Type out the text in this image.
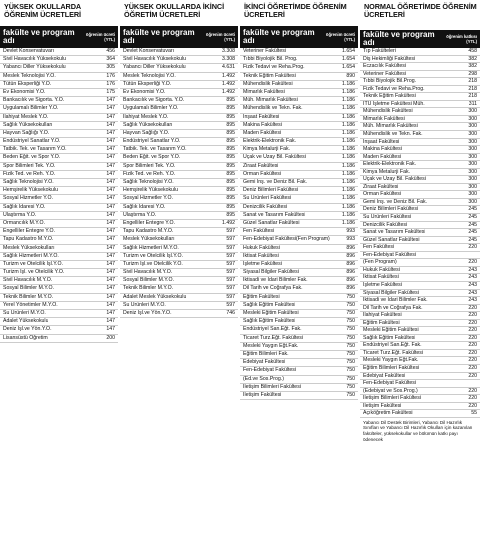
YÜKSEK OKULLARDA ÖĞRENİM ÜCRETLERİ
fakülte ve program adı
öğrenim ücreti (YTL)
Devlet Konservatuvarı	456
Sivil Havacılık Yüksekokulu	364
Yabancı Diller Yüksekokulu	305
Meslek Teknolojisi Y.O.	176
Tütün Eksperliği Y.O.	176
Ev Ekonomisi Y.O.	175
Bankacılık ve Sigorta. Y.O.	147
Uygulamalı Bilimler Y.O.	147
İlahiyat Meslek Y.O.	147
Sağlık Yüksekokulları	147
Hayvan Sağlığı Y.O.	147
Endüstriyel Sanatlar Y.O.	147
Tatbik. Tek. ve Tasarım Y.O.	147
Beden Eğit. ve Spor Y.O.	147
Spor Bilimleri Tek. Y.O.	147
Fizik Ted. ve Reh. Y.O.	147
Sağlık Teknolojisi Y.O.	147
Hemşirelik Yüksekokulu	147
Sosyal Hizmetler Y.O.	147
Sağlık İdaresi Y.O.	147
Ulaştırma Y.O.	147
Ormancılık M.Y.O.	147
Engelliler Entegre Y.O.	147
Tapu Kadastro M.Y.O.	147
Meslek Yüksekokulları	147
Sağlık Hizmetleri M.Y.O.	147
Turizm ve Otelcilik İşl.Y.O.	147
Turizm İşl. ve Otelcilik Y.O.	147
Sivil Havacılık M.Y.O.	147
Sosyal Bilimler M.Y.O.	147
Teknik Bilimler M.Y.O.	147
Yerel Yönetimler M.Y.O.	147
Su Ürünleri M.Y.O.	147
Adalet Yüksekokulu	147
Deniz İşl.ve Yön.Y.O.	147
Lisansüstü Öğretim	200
YÜKSEK OKULLARDA İKİNCİ ÖĞRETİM ÜCRETLERİ
fakülte ve program adı
öğrenim ücreti (YTL)
Devlet Konservatuvarı	3.308
Sivil Havacılık Yüksekokulu	3.308
Yabancı Diller Yüksekokulu	4.631
Meslek Teknolojisi Y.O.	1.492
Tütün Eksperliği Y.O.	1.492
Ev Ekonomisi Y.O.	1.492
Bankacılık ve Sigorta. Y.O.	895
Uygulamalı Bilimler Y.O.	895
İlahiyat Meslek Y.O.	895
Sağlık Yüksekokulları	895
Hayvan Sağlığı Y.O.	895
Endüstriyel Sanatlar Y.O.	895
Tatbik. Tek. ve Tasarım Y.O.	895
Beden Eğit. ve Spor Y.O.	895
Spor Bilimleri Tek. Y.O.	895
Fizik Ted. ve Reh. Y.O.	895
Sağlık Teknolojisi Y.O.	895
Hemşirelik Yüksekokulu	895
Sosyal Hizmetler Y.O.	895
Sağlık İdaresi Y.O.	895
Ulaştırma Y.O.	895
Engelliler Entegre Y.O.	1.492
Tapu Kadastro M.Y.O.	597
Meslek Yüksekokulları	597
Sağlık Hizmetleri M.Y.O.	597
Turizm ve Otelcilik İşl.Y.O.	597
Turizm İşl.ve Otelcilik Y.O.	597
Sivil Havacılık M.Y.O.	597
Sosyal Bilimler M.Y.O.	597
Teknik Bilimler M.Y.O.	597
Adalet Meslek Yüksekokulu	597
Su Ürünleri M.Y.O.	597
Deniz İşl.ve Yön.Y.O.	746
İKİNCİ ÖĞRETİMDE ÖĞRENİM ÜCRETLERİ
fakülte ve program adı
öğrenim ücreti (YTL)
Veteriner Fakültesi	1.654
Tıbbi Biyolojik Bil. Prog.	1.654
Fizik Tedavi ve Reha.Prog.	1.654
Teknik Eğitim Fakültesi	890
Mühendislik Fakültesi	1.186
Mimarlık Fakültesi	1.186
Müh. Mimarlık Fakültesi	1.186
Mühendislik ve Tekn. Fak.	1.186
İnşaat Fakültesi	1.186
Makina Fakültesi	1.186
Maden Fakültesi	1.186
Elektrik-Elektronik Fak.	1.186
Kimya Metalurji Fak.	1.186
Uçak ve Uzay Bil. Fakültesi	1.186
Ziraat Fakültesi	1.186
Orman Fakültesi	1.186
Gemi İnş. ve Deniz Bil. Fak.	1.186
Deniz Bilimleri Fakültesi	1.186
Su Ürünleri Fakültesi	1.186
Denizcilik Fakültesi	1.186
Sanat ve Tasarım Fakültesi	1.186
Güzel Sanatlar Fakültesi	1.186
Fen Fakültesi	993
Fen-Edebiyat Fakültesi(Fen Program)	993
Hukuk Fakültesi	896
İktisat Fakültesi	896
İşletme Fakültesi	896
Siyasal Bilgiler Fakültesi	896
İktisadi ve İdari Bilimler Fak.	896
Dil Tarih ve Coğrafya Fak.	896
Eğitim Fakültesi	750
Sağlık Eğitim Fakültesi	750
Mesleki Eğitim Fakültesi	750
Sağlık Eğitim Fakültesi	750
Endüstriyel San.Eğt. Fak.	750
Ticaret Turz.Eğt. Fakültesi	750
Mesleki Yaygın Eğt.Fak.	750
Eğitim Bilimleri Fak.	750
Edebiyat Fakültesi	750
Fen-Edebiyat Fakültesi	750
(Ed.ve Sos.Prog.)	750
İletişim Bilimleri Fakültesi	750
İletişim Fakültesi	750
NORMAL ÖĞRETİMDE ÖĞRENİM ÜCRETLERİ
fakülte ve program adı
öğrenim katkısı (YTL)
Tıp Fakülteleri	458
Diş Hekimliği Fakültesi	382
Eczacılık Fakültesi	382
Veteriner Fakültesi	298
Tıbbi Biyolojik Bil.Prog.	218
Fizik Tedavi ve Reha.Prog.	218
Teknik Eğitim Fakültesi	218
İTÜ İşletme Fakültesi Müh.	311
Mühendislik Fakültesi	300
Mimarlık Fakültesi	300
Müh. Mimarlık Fakültesi	300
Mühendislik ve Tekn. Fak.	300
İnşaat Fakültesi	300
Makina Fakültesi	300
Maden Fakültesi	300
Elektrik-Elektronik Fak.	300
Kimya Metalurji Fak.	300
Uçak ve Uzay Bil. Fakültesi	300
Ziraat Fakültesi	300
Orman Fakültesi	300
Gemi İnş. ve Deniz Bil. Fak.	300
Deniz Bilimleri Fakültesi	245
Su Ürünleri Fakültesi	245
Denizcilik Fakültesi	245
Sanat ve Tasarım Fakültesi	245
Güzel Sanatlar Fakültesi	245
Fen Fakültesi	220
Fen-Edebiyat Fakültesi
(Fen Program)	220
Hukuk Fakültesi	243
İktisat Fakültesi	243
İşletme Fakültesi	243
Siyasal Bilgiler Fakültesi	243
İktisadi ve İdari Bilimler Fak.	243
Dil Tarih ve Coğrafya Fak.	220
İlahiyat Fakültesi	220
Eğitim Fakültesi	220
Mesleki Eğitim Fakültesi	220
Sağlık Eğitim Fakültesi	220
Endüstriyel San.Eğt. Fak.	220
Ticaret Turz.Eğt. Fakültesi	220
Mesleki Yaygın Eğt.Fak.	220
Eğitim Bilimleri Fakültesi	220
Edebiyat Fakültesi	220
Fen-Edebiyat Fakültesi
(Edebiyat ve Sos.Prog.)	220
İletişim Bilimleri Fakültesi	220
İletişim Fakültesi	220
Açıköğretim Fakültesi	55
Yabancı Dil Destek Birimleri, Yabancı Dil Hazırlık Sınıfları ve Yabancı Dil Hazırlık Okulları için kazanılan fakülteler, yüksekokullar ve bölümün katkı payı ödenecek
